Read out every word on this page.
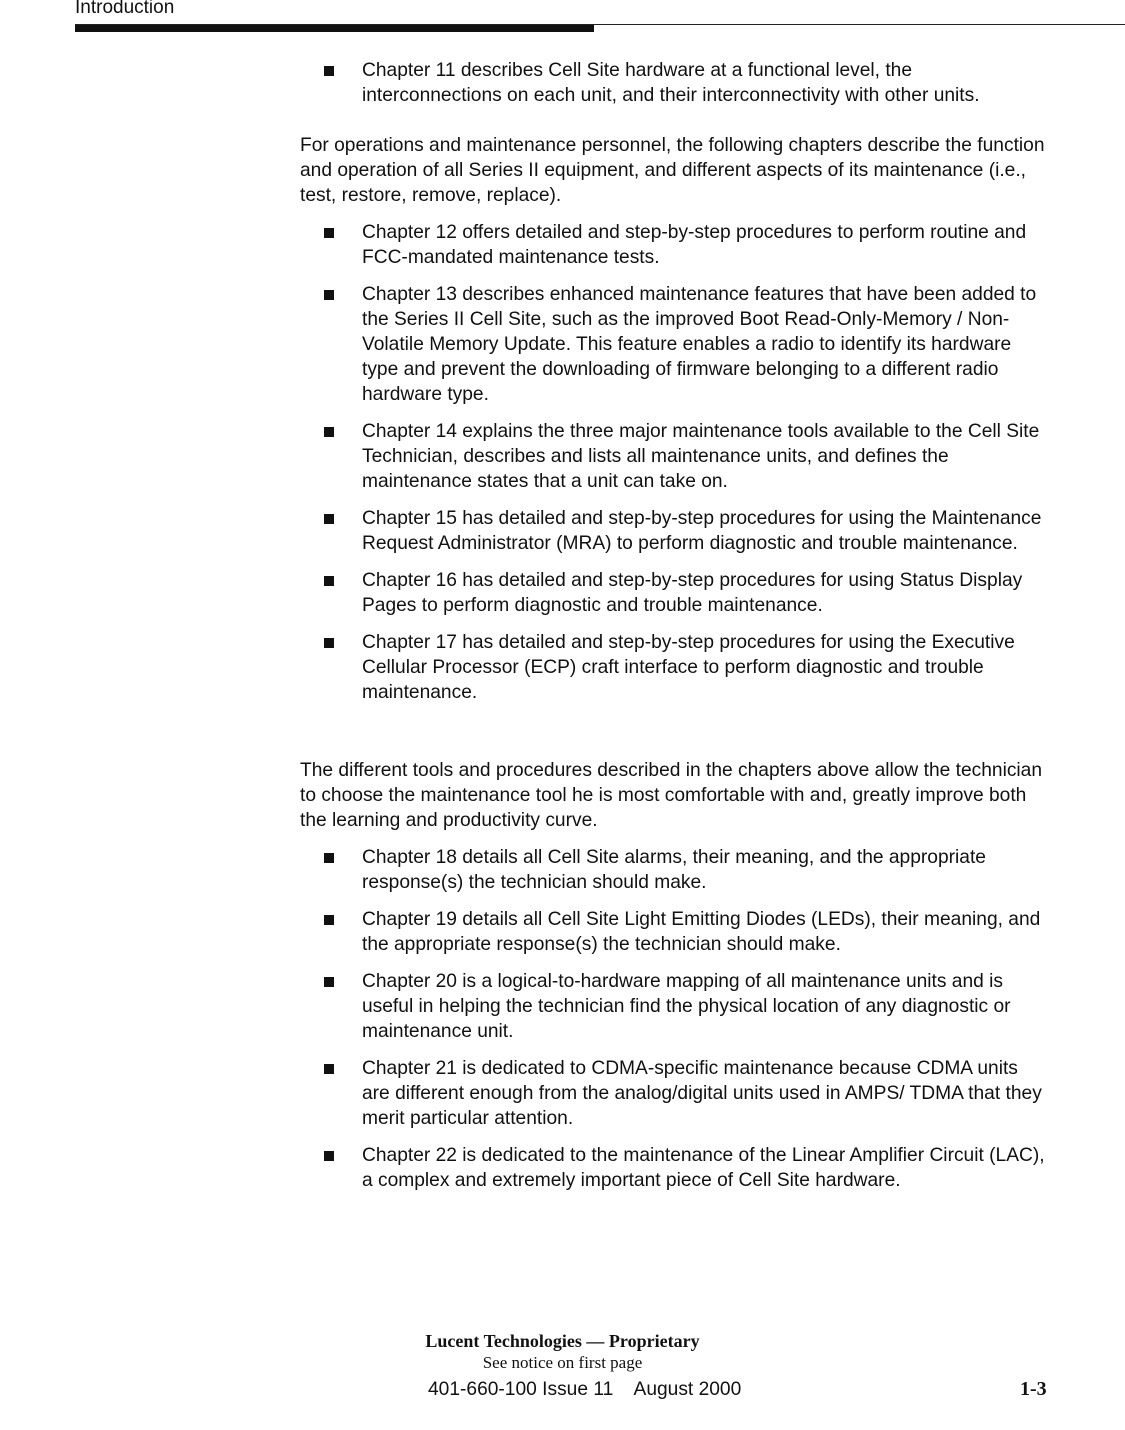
Introduction

Chapter 11 describes Cell Site hardware at a functional level, the interconnections on each unit, and their interconnectivity with other units.

For operations and maintenance personnel, the following chapters describe the function and operation of all Series II equipment, and different aspects of its maintenance (i.e., test, restore, remove, replace).

Chapter 12 offers detailed and step-by-step procedures to perform routine and FCC-mandated maintenance tests.

Chapter 13 describes enhanced maintenance features that have been added to the Series II Cell Site, such as the improved Boot Read-Only-Memory / Non-Volatile Memory Update. This feature enables a radio to identify its hardware type and prevent the downloading of firmware belonging to a different radio hardware type.

Chapter 14 explains the three major maintenance tools available to the Cell Site Technician, describes and lists all maintenance units, and defines the maintenance states that a unit can take on.

Chapter 15 has detailed and step-by-step procedures for using the Maintenance Request Administrator (MRA) to perform diagnostic and trouble maintenance.

Chapter 16 has detailed and step-by-step procedures for using Status Display Pages to perform diagnostic and trouble maintenance.

Chapter 17 has detailed and step-by-step procedures for using the Executive Cellular Processor (ECP) craft interface to perform diagnostic and trouble maintenance.

The different tools and procedures described in the chapters above allow the technician to choose the maintenance tool he is most comfortable with and, greatly improve both the learning and productivity curve.

Chapter 18 details all Cell Site alarms, their meaning, and the appropriate response(s) the technician should make.

Chapter 19 details all Cell Site Light Emitting Diodes (LEDs), their meaning, and the appropriate response(s) the technician should make.

Chapter 20 is a logical-to-hardware mapping of all maintenance units and is useful in helping the technician find the physical location of any diagnostic or maintenance unit.

Chapter 21 is dedicated to CDMA-specific maintenance because CDMA units are different enough from the analog/digital units used in AMPS/ TDMA that they merit particular attention.

Chapter 22 is dedicated to the maintenance of the Linear Amplifier Circuit (LAC), a complex and extremely important piece of Cell Site hardware.

Lucent Technologies — Proprietary
See notice on first page
401-660-100 Issue 11    August 2000	1-3
